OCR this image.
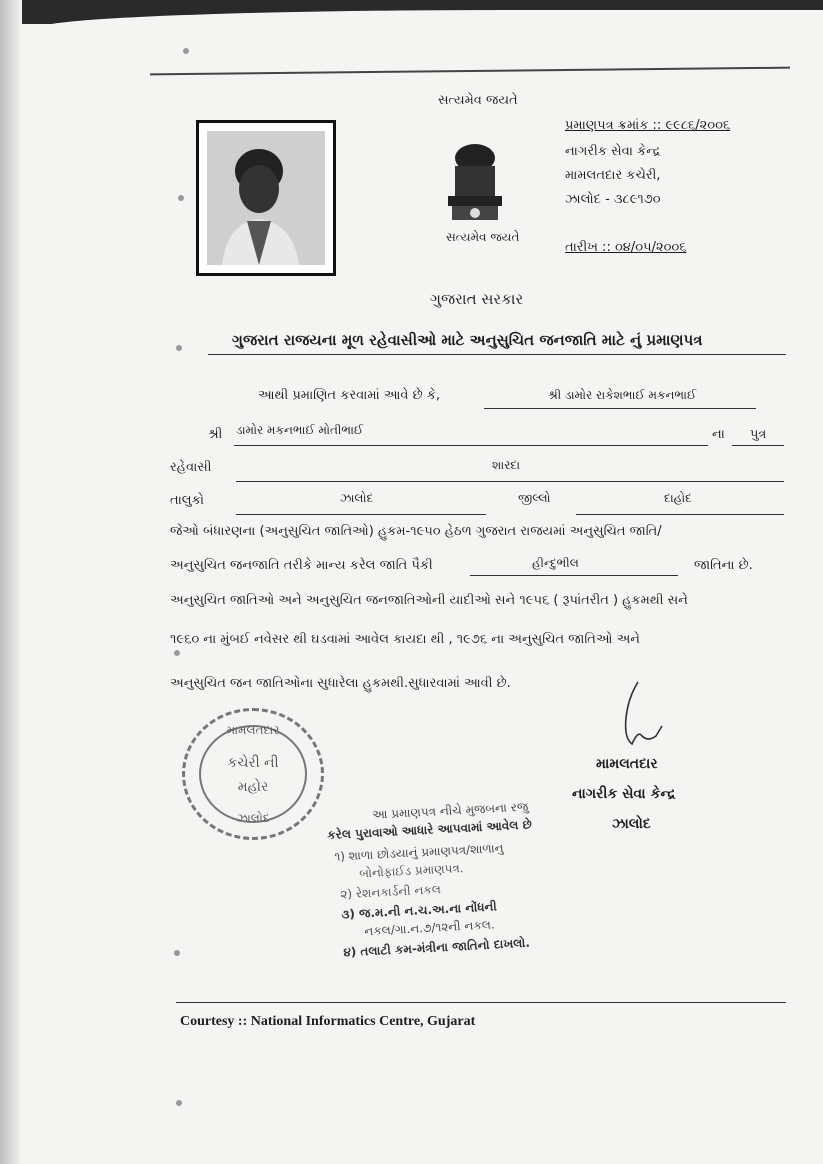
સત્યમેવ જયતે
સત્યમેવ જયતે
પ્રમાણપત્ર ક્રમાંક :: ૯૯૮૬/૨૦૦૬
નાગરીક સેવા કેન્દ્ર
મામલતદાર કચેરી,
ઝાલોદ - ૩૮૯૧૭૦
તારીખ :: ૦૪/૦૫/૨૦૦૬
ગુજરાત સરકાર
ગુજરાત રાજયના મૂળ રહેવાસીઓ માટે અનુસુચિત જનજાતિ માટે નું પ્રમાણપત્ર
આથી પ્રમાણિત કરવામાં આવે છે કે,	શ્રી ડામોર રાકેશભાઈ મકનભાઈ
શ્રી ડામોર મકનભાઈ મોતીભાઈ	ના પુત્ર
રહેવાસી	શારદા
તાલુકો	ઝાલોદ	જીલ્લો	દાહોદ
જેઓ બંધારણના (અનુસુચિત જાતિઓ) હુકમ-૧૯૫૦ હેઠળ ગુજરાત રાજયમાં અનુસુચિત જાતિ/
અનુસુચિત જનજાતિ તરીકે માન્ય કરેલ જાતિ પૈકી	હીન્દુભીલ	જાતિના છે.
અનુસુચિત જાતિઓ અને અનુસુચિત જનજાતિઓની યાદીઓ સને ૧૯૫૬ ( રૂપાંતરીત ) હુકમથી સને
૧૯૬૦ ના મુંબઈ નવેસર થી ઘડવામાં આવેલ કાયદા થી , ૧૯૭૬ ના અનુસુચિત જાતિઓ અને
અનુસુચિત જન જાતિઓના સુધારેલા હુકમથી.સુધારવામાં આવી છે.
મામલતદાર
કચેરી ની
મહોર
ઝાલોદ
મામલતદાર
નાગરીક સેવા કેન્દ્ર
ઝાલોદ
આ પ્રમાણપત્ર નીચે મુજબના રજુ
કરેલ પુરાવાઓ આધારે આપવામાં આવેલ છે
૧) શાળા છોડયાનું પ્રમાણપત્ર/શાળાનુ
બોનોફાઈડ પ્રમાણપત્ર.
૨) રેશનકાર્ડની નકલ
૩) જ.મ.ની ન.ચ.અ.ના નોંધની
નકલ/ગા.ન.૭/૧૨ની નકલ.
૪) તલાટી કમ-મંત્રીના જાતિનો દાખલો.
Courtesy :: National Informatics Centre, Gujarat
